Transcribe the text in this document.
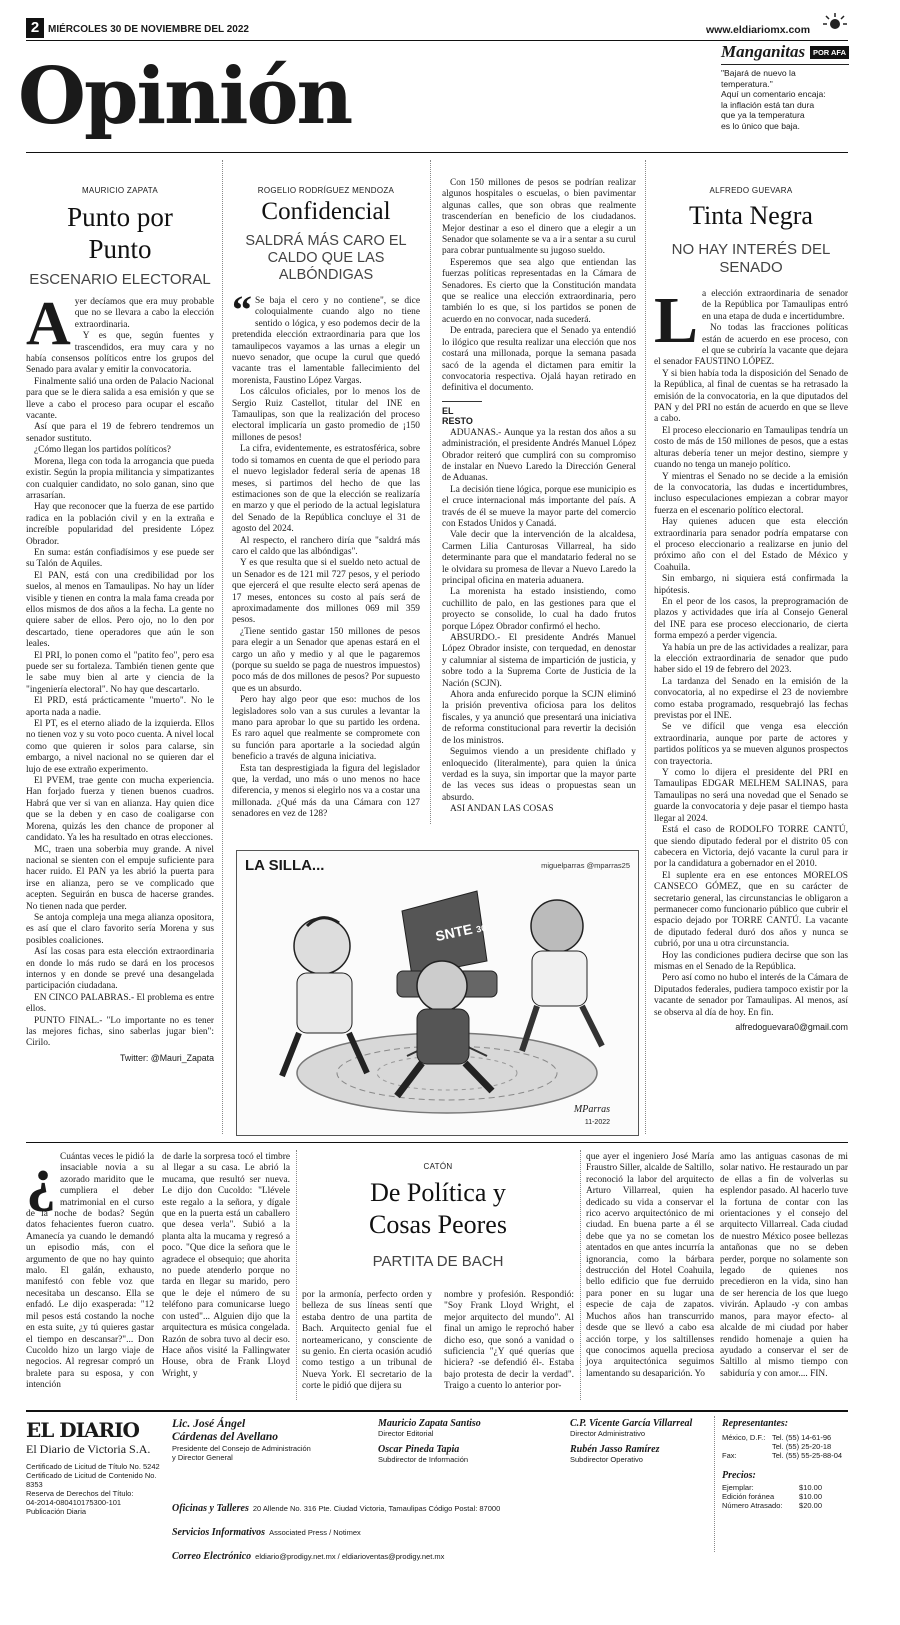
2 MIÉRCOLES 30 DE NOVIEMBRE DEL 2022	www.eldiariomx.com
Opinión	Manganitas	POR AFA
"Bajará de nuevo la temperatura."
Aquí un comentario encaja:
la inflación está tan dura
que ya la temperatura
es lo único que baja.
MAURICIO ZAPATA
Punto por Punto
ESCENARIO ELECTORAL
Ayer decíamos que era muy probable que no se llevara a cabo la elección extraordinaria.
Y es que, según fuentes y trascendidos, era muy cara y no había consensos políticos entre los grupos del Senado para avalar y emitir la convocatoria.
Finalmente salió una orden de Palacio Nacional para que se le diera salida a esa emisión y que se lleve a cabo el proceso para ocupar el escaño vacante.
Así que para el 19 de febrero tendremos un senador sustituto.
¿Cómo llegan los partidos políticos?
Morena, llega con toda la arrogancia que pueda existir. Según la propia militancia y simpatizantes con cualquier candidato, no solo ganan, sino que arrasarían.
Hay que reconocer que la fuerza de ese partido radica en la población civil y en la extraña e increíble popularidad del presidente López Obrador.
En suma: están confiadísimos y ese puede ser su Talón de Aquiles.
El PAN, está con una credibilidad por los suelos, al menos en Tamaulipas. No hay un líder visible y tienen en contra la mala fama creada por ellos mismos de dos años a la fecha. La gente no quiere saber de ellos. Pero ojo, no lo den por descartado, tiene operadores que aún le son leales.
El PRI, lo ponen como el "patito feo", pero esa puede ser su fortaleza. También tienen gente que le sabe muy bien al arte y ciencia de la "ingeniería electoral". No hay que descartarlo.
El PRD, está prácticamente "muerto". No le aporta nada a nadie.
El PT, es el eterno aliado de la izquierda. Ellos no tienen voz y su voto poco cuenta. A nivel local como que quieren ir solos para calarse, sin embargo, a nivel nacional no se quieren dar el lujo de ese extraño experimento.
El PVEM, trae gente con mucha experiencia. Han forjado fuerza y tienen buenos cuadros. Habrá que ver si van en alianza. Hay quien dice que se la deben y en caso de coaligarse con Morena, quizás les den chance de proponer al candidato. Ya les ha resultado en otras elecciones.
MC, traen una soberbia muy grande. A nivel nacional se sienten con el empuje suficiente para hacer ruido. El PAN ya les abrió la puerta para irse en alianza, pero se ve complicado que acepten. Seguirán en busca de hacerse grandes. No tienen nada que perder.
Se antoja compleja una mega alianza opositora, es así que el claro favorito sería Morena y sus posibles coaliciones.
Así las cosas para esta elección extraordinaria en donde lo más rudo se dará en los procesos internos y en donde se prevé una desangelada participación ciudadana.
EN CINCO PALABRAS.- El problema es entre ellos.
PUNTO FINAL.- "Lo importante no es tener las mejores fichas, sino saberlas jugar bien": Cirilo.
Twitter: @Mauri_Zapata
ROGELIO RODRÍGUEZ MENDOZA
Confidencial
SALDRÁ MÁS CARO EL CALDO QUE LAS ALBÓNDIGAS
“ Se baja el cero y no contiene", se dice coloquialmente cuando algo no tiene sentido o lógica, y eso podemos decir de la pretendida elección extraordinaria para que los tamaulipecos vayamos a las urnas a elegir un nuevo senador, que ocupe la curul que quedó vacante tras el lamentable fallecimiento del morenista, Faustino López Vargas.
Los cálculos oficiales, por lo menos los de Sergio Ruiz Castellot, titular del INE en Tamaulipas, son que la realización del proceso electoral implicaría un gasto promedio de ¡150 millones de pesos!
La cifra, evidentemente, es estratosférica, sobre todo si tomamos en cuenta de que el periodo para el nuevo legislador federal sería de apenas 18 meses, si partimos del hecho de que las estimaciones son de que la elección se realizaría en marzo y que el periodo de la actual legislatura del Senado de la República concluye el 31 de agosto del 2024.
Al respecto, el ranchero diría que "saldrá más caro el caldo que las albóndigas".
Y es que resulta que si el sueldo neto actual de un Senador es de 121 mil 727 pesos, y el periodo que ejercerá el que resulte electo será apenas de 17 meses, entonces su costo al país será de aproximadamente dos millones 069 mil 359 pesos.
¿Tiene sentido gastar 150 millones de pesos para elegir a un Senador que apenas estará en el cargo un año y medio y al que le pagaremos (porque su sueldo se paga de nuestros impuestos) poco más de dos millones de pesos? Por supuesto que es un absurdo.
Pero hay algo peor que eso: muchos de los legisladores solo van a sus curules a levantar la mano para aprobar lo que su partido les ordena. Es raro aquel que realmente se compromete con su función para aportarle a la sociedad algún beneficio a través de alguna iniciativa.
Esta tan desprestigiada la figura del legislador que, la verdad, uno más o uno menos no hace diferencia, y menos si elegirlo nos va a costar una millonada. ¿Qué más da una Cámara con 127 senadores en vez de 128?
Con 150 millones de pesos se podrían realizar algunos hospitales o escuelas, o bien pavimentar algunas calles, que son obras que realmente trascenderían en beneficio de los ciudadanos. Mejor destinar a eso el dinero que a elegir a un Senador que solamente se va a ir a sentar a su curul para cobrar puntualmente su jugoso sueldo.
Esperemos que sea algo que entiendan las fuerzas políticas representadas en la Cámara de Senadores. Es cierto que la Constitución mandata que se realice una elección extraordinaria, pero también lo es que, si los partidos se ponen de acuerdo en no convocar, nada sucederá.
De entrada, pareciera que el Senado ya entendió lo ilógico que resulta realizar una elección que nos costará una millonada, porque la semana pasada sacó de la agenda el dictamen para emitir la convocatoria respectiva. Ojalá hayan retirado en definitiva el documento.
EL RESTO
ADUANAS.- Aunque ya la restan dos años a su administración, el presidente Andrés Manuel López Obrador reiteró que cumplirá con su compromiso de instalar en Nuevo Laredo la Dirección General de Aduanas.
La decisión tiene lógica, porque ese municipio es el cruce internacional más importante del país. A través de él se mueve la mayor parte del comercio con Estados Unidos y Canadá.
Vale decir que la intervención de la alcaldesa, Carmen Lilia Canturosas Villarreal, ha sido determinante para que el mandatario federal no se le olvidara su promesa de llevar a Nuevo Laredo la principal oficina en materia aduanera.
La morenista ha estado insistiendo, como cuchillito de palo, en las gestiones para que el proyecto se consolide, lo cual ha dado frutos porque López Obrador confirmó el hecho.
ABSURDO.- El presidente Andrés Manuel López Obrador insiste, con terquedad, en denostar y calumniar al sistema de impartición de justicia, y sobre todo a la Suprema Corte de Justicia de la Nación (SCJN).
Ahora anda enfurecido porque la SCJN eliminó la prisión preventiva oficiosa para los delitos fiscales, y ya anunció que presentará una iniciativa de reforma constitucional para revertir la decisión de los ministros.
Seguimos viendo a un presidente chiflado y enloquecido (literalmente), para quien la única verdad es la suya, sin importar que la mayor parte de las veces sus ideas o propuestas sean un absurdo.
ASI ANDAN LAS COSAS
LA SILLA...	miguelparras @mparras25
SNTE 30
MParras
11-2022
ALFREDO GUEVARA
Tinta Negra
NO HAY INTERÉS DEL SENADO
La elección extraordinaria de senador de la República por Tamaulipas entró en una etapa de duda e incertidumbre.
No todas las fracciones políticas están de acuerdo en ese proceso, con el que se cubriría la vacante que dejara el senador FAUSTINO LÓPEZ.
Y si bien había toda la disposición del Senado de la República, al final de cuentas se ha retrasado la emisión de la convocatoria, en la que diputados del PAN y del PRI no están de acuerdo en que se lleve a cabo.
El proceso eleccionario en Tamaulipas tendría un costo de más de 150 millones de pesos, que a estas alturas debería tener un mejor destino, siempre y cuando no tenga un manejo político.
Y mientras el Senado no se decide a la emisión de la convocatoria, las dudas e incertidumbres, incluso especulaciones empiezan a cobrar mayor fuerza en el escenario político electoral.
Hay quienes aducen que esta elección extraordinaria para senador podría empatarse con el proceso eleccionario a realizarse en junio del próximo año con el del Estado de México y Coahuila.
Sin embargo, ni siquiera está confirmada la hipótesis.
En el peor de los casos, la preprogramación de plazos y actividades que iría al Consejo General del INE para ese proceso eleccionario, de cierta forma empezó a perder vigencia.
Ya había un pre de las actividades a realizar, para la elección extraordinaria de senador que pudo haber sido el 19 de febrero del 2023.
La tardanza del Senado en la emisión de la convocatoria, al no expedirse el 23 de noviembre como estaba programado, resquebrajó las fechas previstas por el INE.
Se ve difícil que venga esa elección extraordinaria, aunque por parte de actores y partidos políticos ya se mueven algunos prospectos con trayectoria.
Y como lo dijera el presidente del PRI en Tamaulipas EDGAR MELHEM SALINAS, para Tamaulipas no será una novedad que el Senado se guarde la convocatoria y deje pasar el tiempo hasta llegar al 2024.
Está el caso de RODOLFO TORRE CANTÚ, que siendo diputado federal por el distrito 05 con cabecera en Victoria, dejó vacante la curul para ir por la candidatura a gobernador en el 2010.
El suplente era en ese entonces MORELOS CANSECO GÓMEZ, que en su carácter de secretario general, las circunstancias le obligaron a permanecer como funcionario público que cubrir el espacio dejado por TORRE CANTÚ. La vacante de diputado federal duró dos años y nunca se cubrió, por una u otra circunstancia.
Hoy las condiciones pudiera decirse que son las mismas en el Senado de la República.
Pero así como no hubo el interés de la Cámara de Diputados federales, pudiera tampoco existir por la vacante de senador por Tamaulipas. Al menos, así se observa al día de hoy. En fin.
alfredoguevara0@gmail.com
¿ Cuántas veces le pidió la insaciable novia a su azorado maridito que le cumpliera el deber matrimonial en el curso de la noche de bodas? Según datos fehacientes fueron cuatro. Amanecía ya cuando le demandó un episodio más, con el argumento de que no hay quinto malo. El galán, exhausto, manifestó con feble voz que necesitaba un descanso. Ella se enfadó. Le dijo exasperada: "12 mil pesos está costando la noche en esta suite, ¿y tú quieres gastar el tiempo en descansar?"... Don Cucoldo hizo un largo viaje de negocios. Al regresar compró un bralete para su esposa, y con intención
de darle la sorpresa tocó el timbre al llegar a su casa. Le abrió la mucama, que resultó ser nueva. Le dijo don Cucoldo: "Llévele este regalo a la señora, y dígale que en la puerta está un caballero que desea verla". Subió a la planta alta la mucama y regresó a poco. "Que dice la señora que le agradece el obsequio; que ahorita no puede atenderlo porque no tarda en llegar su marido, pero que le deje el número de su teléfono para comunicarse luego con usted"... Alguien dijo que la arquitectura es música congelada. Razón de sobra tuvo al decir eso. Hace años visité la Fallingwater House, obra de Frank Lloyd Wright, y
CATÓN
De Política y Cosas Peores
PARTITA DE BACH
por la armonía, perfecto orden y belleza de sus líneas sentí que estaba dentro de una partita de Bach. Arquitecto genial fue el norteamericano, y consciente de su genio. En cierta ocasión acudió como testigo a un tribunal de Nueva York. El secretario de la corte le pidió que dijera su
nombre y profesión. Respondió: "Soy Frank Lloyd Wright, el mejor arquitecto del mundo". Al final un amigo le reprochó haber dicho eso, que sonó a vanidad o suficiencia "¿Y qué querías que hiciera? -se defendió él-. Estaba bajo protesta de decir la verdad". Traigo a cuento lo anterior por-
que ayer el ingeniero José María Fraustro Siller, alcalde de Saltillo, reconoció la labor del arquitecto Arturo Villarreal, quien ha dedicado su vida a conservar el rico acervo arquitectónico de mi ciudad. En buena parte a él se debe que ya no se cometan los atentados en que antes incurría la ignorancia, como la bárbara destrucción del Hotel Coahuila, bello edificio que fue derruido para poner en su lugar una especie de caja de zapatos. Muchos años han transcurrido desde que se llevó a cabo esa acción torpe, y los saltillenses que conocimos aquella preciosa joya arquitectónica seguimos lamentando su desaparición. Yo
amo las antiguas casonas de mi solar nativo. He restaurado un par de ellas a fin de volverlas su esplendor pasado. Al hacerlo tuve la fortuna de contar con las orientaciones y el consejo del arquitecto Villarreal. Cada ciudad de nuestro México posee bellezas antañonas que no se deben perder, porque no solamente son legado de quienes nos precedieron en la vida, sino han de ser herencia de los que luego vivirán. Aplaudo -y con ambas manos, para mayor efecto- al alcalde de mi ciudad por haber rendido homenaje a quien ha ayudado a conservar el ser de Saltillo al mismo tiempo con sabiduría y con amor.... FIN.
EL DIARIO
El Diario de Victoria S.A.
Certificado de Licitud de Título No. 5242
Certificado de Licitud de Contenido No. 8353
Reserva de Derechos del Título:
04-2014-080410175300-101
Publicación Diaria
Lic. José Ángel Cárdenas del Avellano
Presidente del Consejo de Administración y Director General
Mauricio Zapata Santiso
Director Editorial
Oscar Pineda Tapia
Subdirector de Información
C.P. Vicente García Villarreal
Director Administrativo
Rubén Jasso Ramírez
Subdirector Operativo
Oficinas y Talleres 20 Allende No. 316 Pte. Ciudad Victoria, Tamaulipas Código Postal: 87000
Servicios Informativos Associated Press / Notimex
Correo Electrónico eldiario@prodigy.net.mx / eldiarioventas@prodigy.net.mx
Representantes:
México, D.F.: Tel. (55) 14-61-96
Tel. (55) 25-20-18
Fax:	Tel. (55) 55-25-88-04
Precios:
Ejemplar:	$10.00
Edición foránea	$10.00
Número Atrasado: $20.00
